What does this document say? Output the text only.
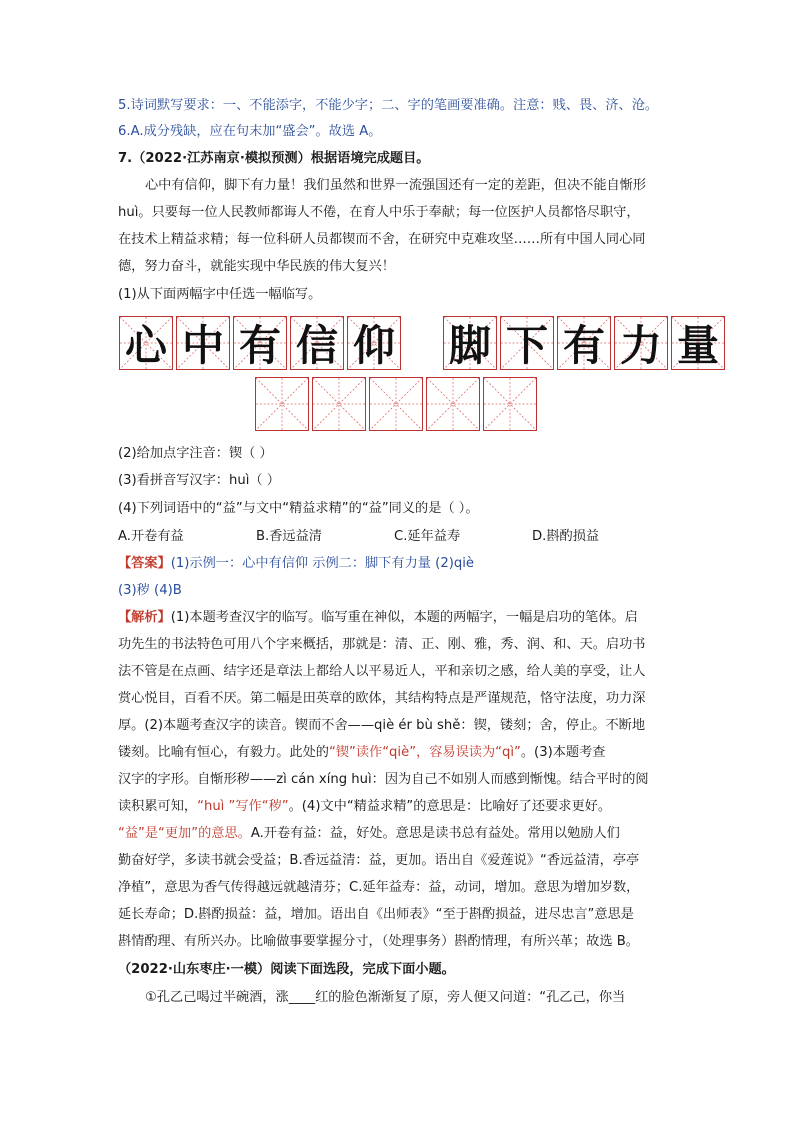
5.诗词默写要求：一、不能添字，不能少字；二、字的笔画要准确。注意：贱、畏、济、沧。
6.A.成分残缺，应在句末加“盛会”。故选 A。
7.（2022·江苏南京·模拟预测）根据语境完成题目。
心中有信仰，脚下有力量！我们虽然和世界一流强国还有一定的差距，但决不能自惭形
huì。只要每一位人民教师都诲人不倦，在育人中乐于奉献；每一位医护人员都恪尽职守，
在技术上精益求精；每一位科研人员都锲而不舍，在研究中克难攻坚……所有中国人同心同
德，努力奋斗，就能实现中华民族的伟大复兴！
(1)从下面两幅字中任选一幅临写。
心 中 有 信 仰 脚 下 有 力 量
(2)给加点字注音：锲（ ）
(3)看拼音写汉字：huì（ ）
(4)下列词语中的“益”与文中“精益求精”的“益”同义的是（ ）。
A.开卷有益	B.香远益清	C.延年益寿	D.斟酌损益
【答案】(1)示例一：心中有信仰 示例二：脚下有力量 (2)qiè
(3)秽 (4)B
【解析】(1)本题考查汉字的临写。临写重在神似，本题的两幅字，一幅是启功的笔体。启
功先生的书法特色可用八个字来概括，那就是：清、正、刚、雅，秀、润、和、天。启功书
法不管是在点画、结字还是章法上都给人以平易近人，平和亲切之感，给人美的享受，让人
赏心悦目，百看不厌。第二幅是田英章的欧体，其结构特点是严谨规范，恪守法度，功力深
厚。(2)本题考查汉字的读音。锲而不舍——qiè ér bù shě：锲，镂刻；舍，停止。不断地
镂刻。比喻有恒心，有毅力。此处的“锲”读作“qiè”，容易误读为“qì”。(3)本题考查
汉字的字形。自惭形秽——zì cán xíng huì：因为自己不如别人而感到惭愧。结合平时的阅
读积累可知，“huì ”写作“秽”。(4)文中“精益求精”的意思是：比喻好了还要求更好。
“益”是“更加”的意思。A.开卷有益：益，好处。意思是读书总有益处。常用以勉励人们
勤奋好学，多读书就会受益；B.香远益清：益，更加。语出自《爱莲说》“香远益清，亭亭
净植”，意思为香气传得越远就越清芬；C.延年益寿：益，动词，增加。意思为增加岁数，
延长寿命；D.斟酌损益：益，增加。语出自《出师表》“至于斟酌损益，进尽忠言”意思是
斟情酌理、有所兴办。比喻做事要掌握分寸，（处理事务）斟酌情理，有所兴革；故选 B。
（2022·山东枣庄·一模）阅读下面选段，完成下面小题。
①孔乙己喝过半碗酒，涨____红的脸色渐渐复了原，旁人便又问道：“孔乙己，你当
